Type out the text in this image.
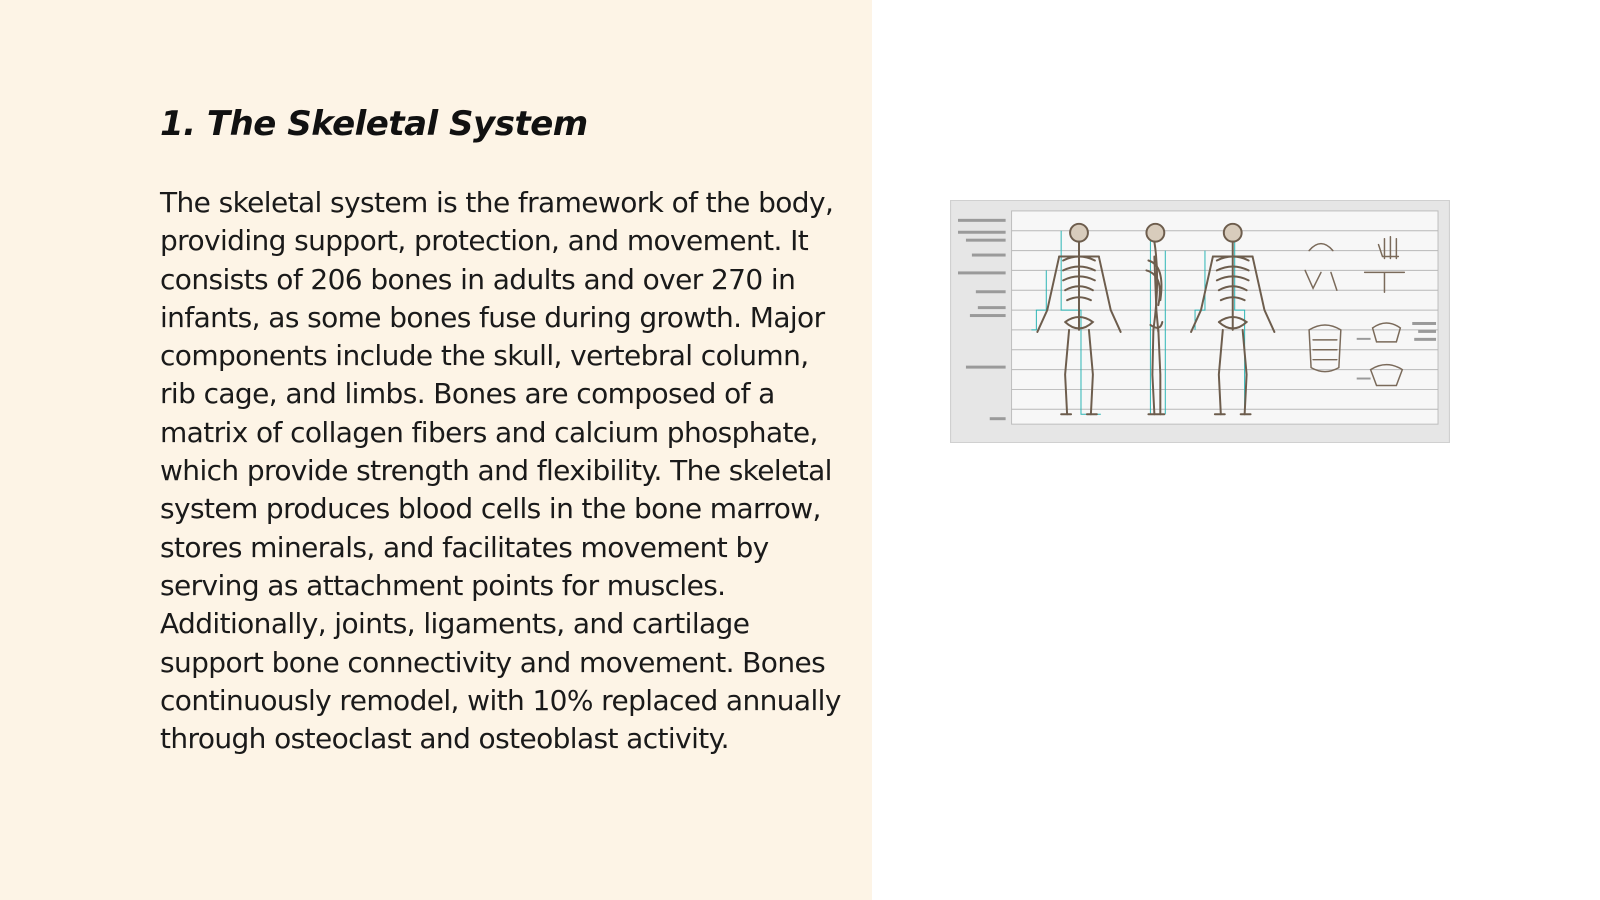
1. The Skeletal System

The skeletal system is the framework of the body, providing support, protection, and movement. It consists of 206 bones in adults and over 270 in infants, as some bones fuse during growth. Major components include the skull, vertebral column, rib cage, and limbs. Bones are composed of a matrix of collagen fibers and calcium phosphate, which provide strength and flexibility. The skeletal system produces blood cells in the bone marrow, stores minerals, and facilitates movement by serving as attachment points for muscles. Additionally, joints, ligaments, and cartilage support bone connectivity and movement. Bones continuously remodel, with 10% replaced annually through osteoclast and osteoblast activity.
